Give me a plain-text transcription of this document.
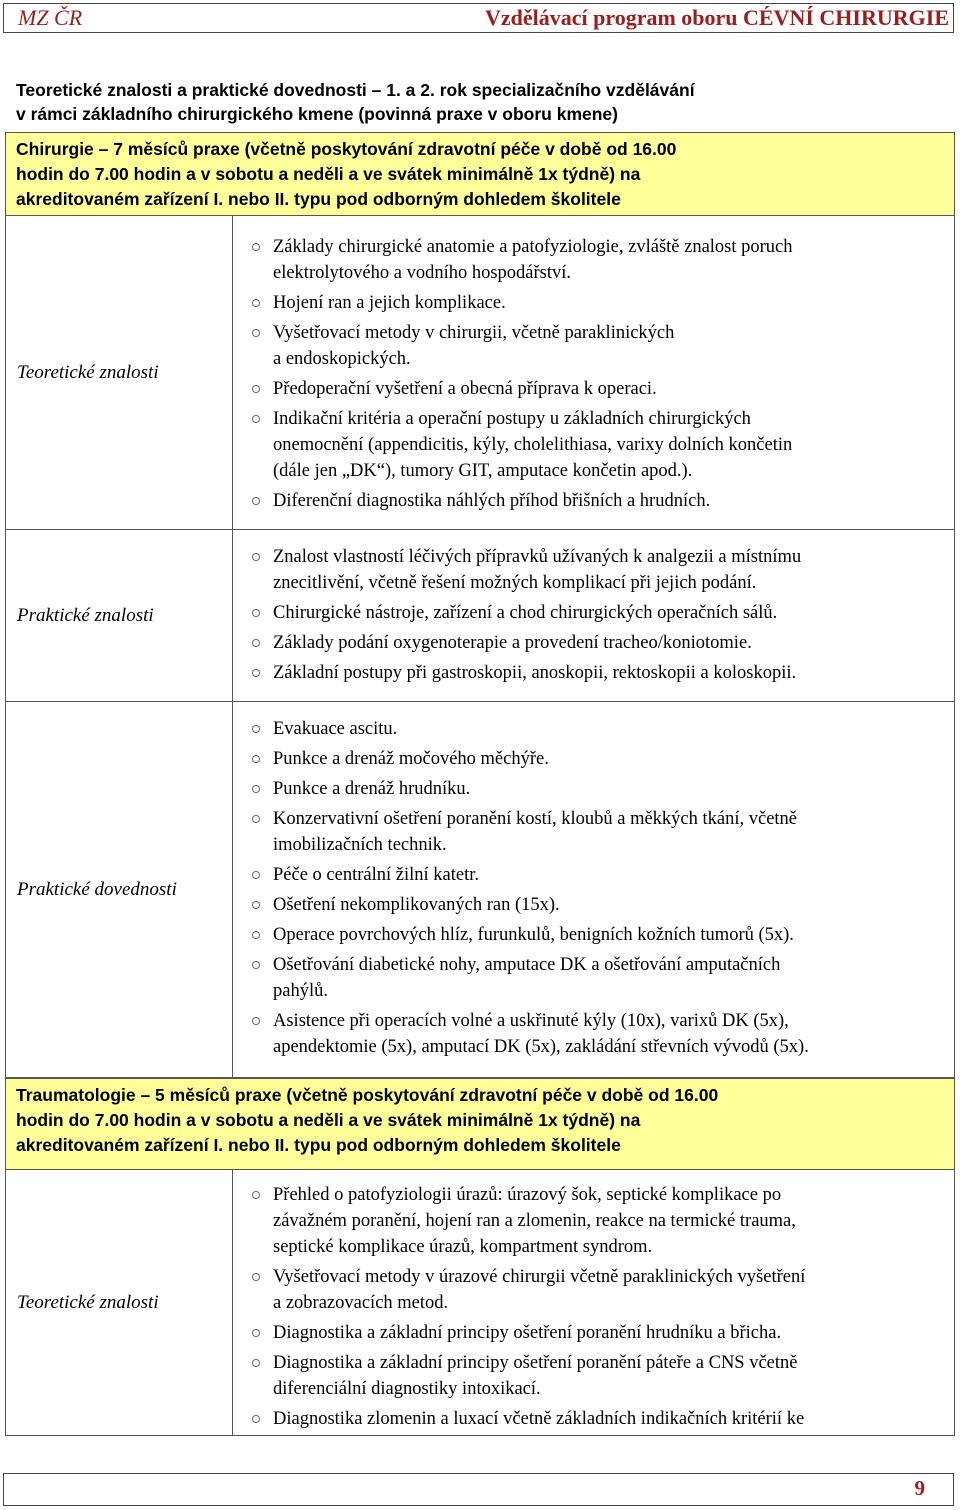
MZ ČR	Vzdělávací program oboru CÉVNÍ CHIRURGIE
Teoretické znalosti a praktické dovednosti – 1. a 2. rok specializačního vzdělávání
v rámci základního chirurgického kmene (povinná praxe v oboru kmene)
Chirurgie – 7 měsíců praxe (včetně poskytování zdravotní péče v době od 16.00
hodin do 7.00 hodin a v sobotu a neděli a ve svátek minimálně 1x týdně) na
akreditovaném zařízení I. nebo II. typu pod odborným dohledem školitele
Teoretické znalosti
Základy chirurgické anatomie a patofyziologie, zvláště znalost poruch
elektrolytového a vodního hospodářství.
Hojení ran a jejich komplikace.
Vyšetřovací metody v chirurgii, včetně paraklinických
a endoskopických.
Předoperační vyšetření a obecná příprava k operaci.
Indikační kritéria a operační postupy u základních chirurgických
onemocnění (appendicitis, kýly, cholelithiasa, varixy dolních končetin
(dále jen „DK“), tumory GIT, amputace končetin apod.).
Diferenční diagnostika náhlých příhod břišních a hrudních.
Praktické znalosti
Znalost vlastností léčivých přípravků užívaných k analgezii a místnímu
znecitlivění, včetně řešení možných komplikací při jejich podání.
Chirurgické nástroje, zařízení a chod chirurgických operačních sálů.
Základy podání oxygenoterapie a provedení tracheo/koniotomie.
Základní postupy při gastroskopii, anoskopii, rektoskopii a koloskopii.
Praktické dovednosti
Evakuace ascitu.
Punkce a drenáž močového měchýře.
Punkce a drenáž hrudníku.
Konzervativní ošetření poranění kostí, kloubů a měkkých tkání, včetně
imobilizačních technik.
Péče o centrální žilní katetr.
Ošetření nekomplikovaných ran (15x).
Operace povrchových hlíz, furunkulů, benigních kožních tumorů (5x).
Ošetřování diabetické nohy, amputace DK a ošetřování amputačních
pahýlů.
Asistence při operacích volné a uskřinuté kýly (10x), varixů DK (5x),
apendektomie (5x), amputací DK (5x), zakládání střevních vývodů (5x).
Traumatologie – 5 měsíců praxe (včetně poskytování zdravotní péče v době od 16.00
hodin do 7.00 hodin a v sobotu a neděli a ve svátek minimálně 1x týdně) na
akreditovaném zařízení I. nebo II. typu pod odborným dohledem školitele
Teoretické znalosti
Přehled o patofyziologii úrazů: úrazový šok, septické komplikace po
závažném poranění, hojení ran a zlomenin, reakce na termické trauma,
septické komplikace úrazů, kompartment syndrom.
Vyšetřovací metody v úrazové chirurgii včetně paraklinických vyšetření
a zobrazovacích metod.
Diagnostika a základní principy ošetření poranění hrudníku a břicha.
Diagnostika a základní principy ošetření poranění páteře a CNS včetně
diferenciální diagnostiky intoxikací.
Diagnostika zlomenin a luxací včetně základních indikačních kritérií ke
9
